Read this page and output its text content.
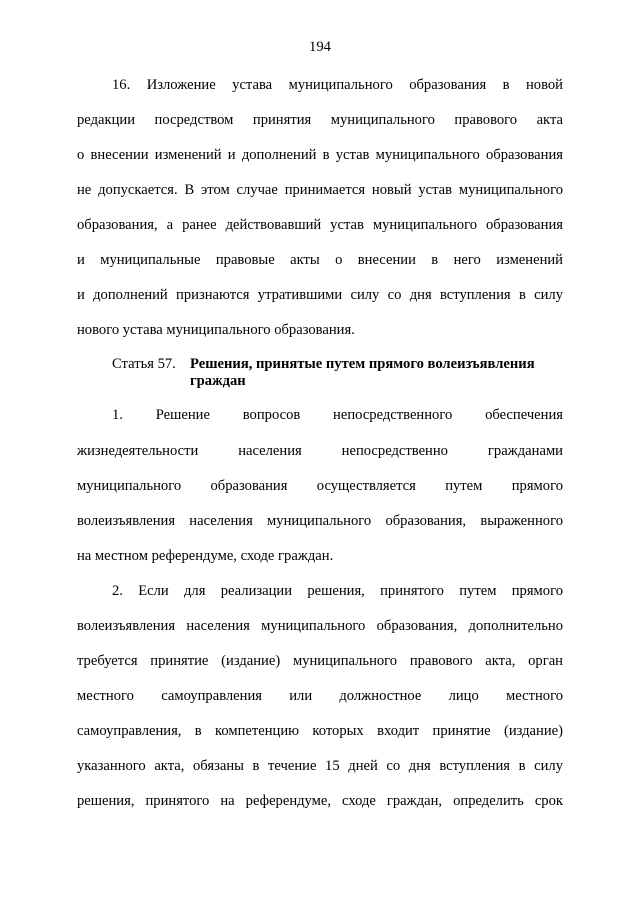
194
16. Изложение устава муниципального образования в новой
редакции посредством принятия муниципального правового акта
о внесении изменений и дополнений в устав муниципального образования
не допускается. В этом случае принимается новый устав муниципального
образования, а ранее действовавший устав муниципального образования
и муниципальные правовые акты о внесении в него изменений
и дополнений признаются утратившими силу со дня вступления в силу
нового устава муниципального образования.
Статья 57. Решения, принятые путем прямого волеизъявления
граждан
1. Решение вопросов непосредственного обеспечения
жизнедеятельности населения непосредственно гражданами
муниципального образования осуществляется путем прямого
волеизъявления населения муниципального образования, выраженного
на местном референдуме, сходе граждан.
2. Если для реализации решения, принятого путем прямого
волеизъявления населения муниципального образования, дополнительно
требуется принятие (издание) муниципального правового акта, орган
местного самоуправления или должностное лицо местного
самоуправления, в компетенцию которых входит принятие (издание)
указанного акта, обязаны в течение 15 дней со дня вступления в силу
решения, принятого на референдуме, сходе граждан, определить срок
